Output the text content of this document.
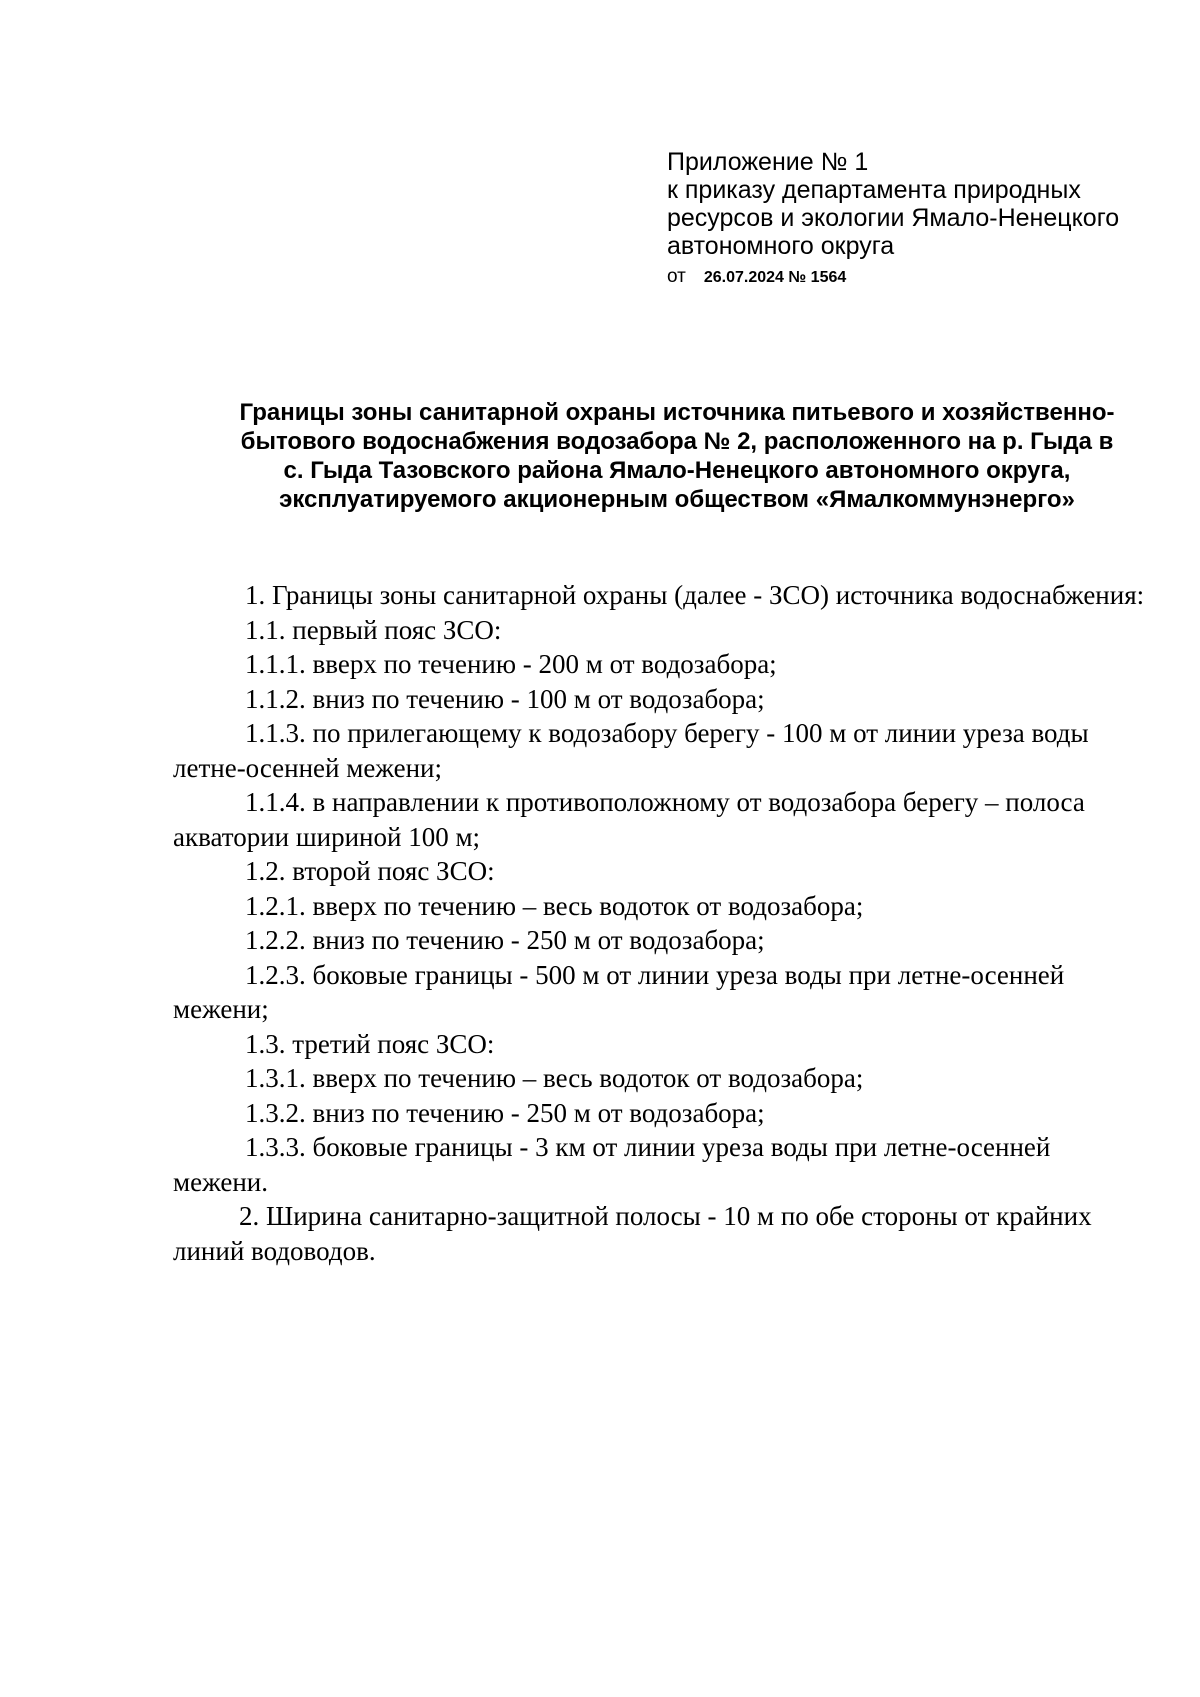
Приложение № 1
к приказу департамента природных
ресурсов и экологии Ямало-Ненецкого
автономного округа
от 26.07.2024 № 1564
Границы зоны санитарной охраны источника питьевого и хозяйственно-
бытового водоснабжения водозабора № 2, расположенного на р. Гыда в
с. Гыда Тазовского района Ямало-Ненецкого автономного округа,
эксплуатируемого акционерным обществом «Ямалкоммунэнерго»

1. Границы зоны санитарной охраны (далее - ЗСО) источника водоснабжения:

1.1. первый пояс ЗСО:

1.1.1. вверх по течению - 200 м от водозабора;

1.1.2. вниз по течению - 100 м от водозабора;

1.1.3. по прилегающему к водозабору берегу - 100 м от линии уреза воды летне-осенней межени;

1.1.4. в направлении к противоположному от водозабора берегу – полоса акватории шириной 100 м;

1.2. второй пояс ЗСО:

1.2.1. вверх по течению – весь водоток от водозабора;

1.2.2. вниз по течению - 250 м от водозабора;

1.2.3. боковые границы - 500 м от линии уреза воды при летне-осенней межени;

1.3. третий пояс ЗСО:

1.3.1. вверх по течению – весь водоток от водозабора;

1.3.2. вниз по течению - 250 м от водозабора;

1.3.3. боковые границы - 3 км от линии уреза воды при летне-осенней межени.

2. Ширина санитарно-защитной полосы - 10 м по обе стороны от крайних линий водоводов.
